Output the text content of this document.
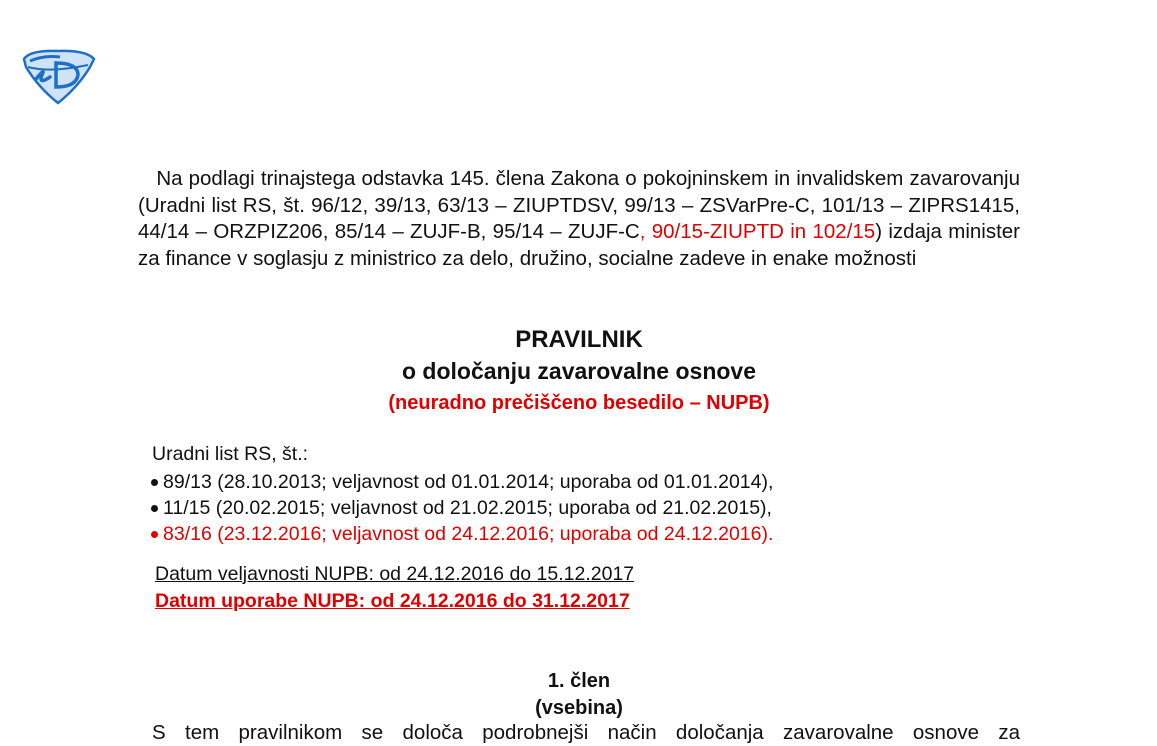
Na podlagi trinajstega odstavka 145. člena Zakona o pokojninskem in invalidskem zavarovanju (Uradni list RS, št. 96/12, 39/13, 63/13 – ZIUPTDSV, 99/13 – ZSVarPre-C, 101/13 – ZIPRS1415, 44/14 – ORZPIZ206, 85/14 – ZUJF-B, 95/14 – ZUJF-C, 90/15-ZIUPTD in 102/15) izdaja minister za finance v soglasju z ministrico za delo, družino, socialne zadeve in enake možnosti

PRAVILNIK
o določanju zavarovalne osnove
(neuradno prečiščeno besedilo – NUPB)

Uradni list RS, št.:

89/13 (28.10.2013; veljavnost od 01.01.2014; uporaba od 01.01.2014),
11/15 (20.02.2015; veljavnost od 21.02.2015; uporaba od 21.02.2015),
83/16 (23.12.2016; veljavnost od 24.12.2016; uporaba od 24.12.2016).

Datum veljavnosti NUPB: od 24.12.2016 do 15.12.2017

Datum uporabe NUPB: od 24.12.2016 do 31.12.2017

1. člen
(vsebina)

S tem pravilnikom se določa podrobnejši način določanja zavarovalne osnove za
